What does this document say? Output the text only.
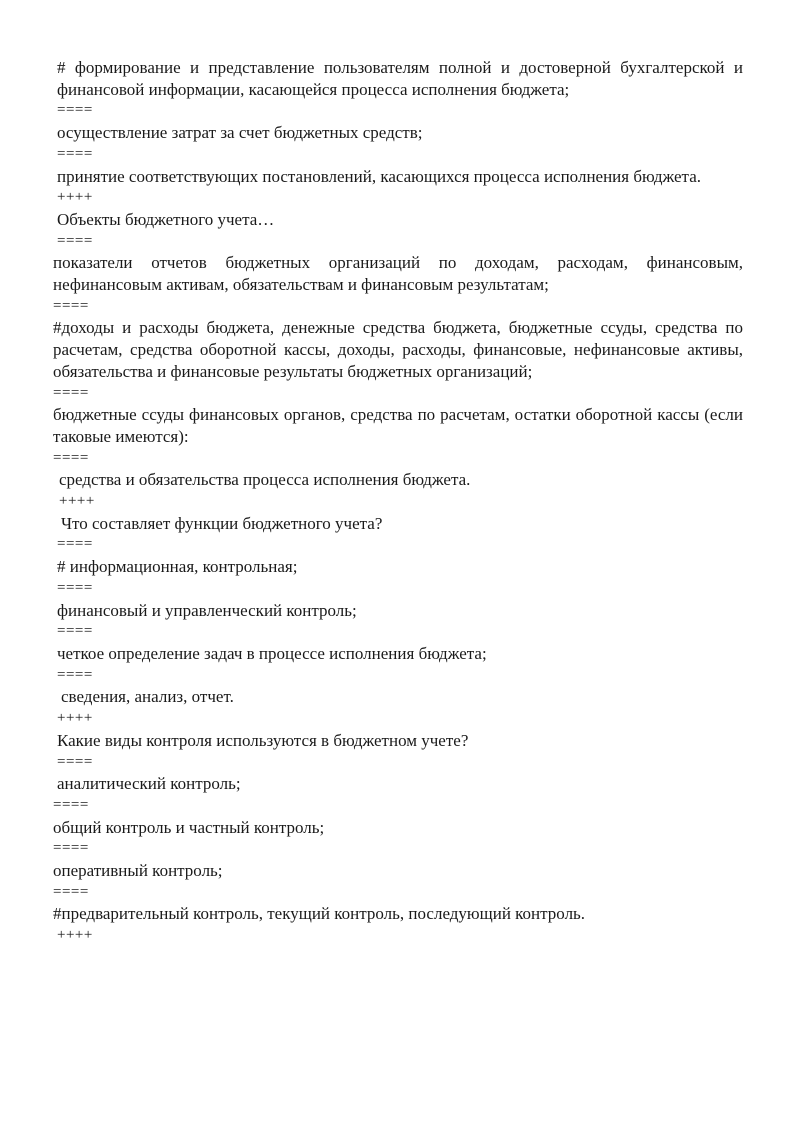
# формирование и представление пользователям полной и достоверной бухгалтерской и финансовой информации, касающейся процесса исполнения бюджета;

====

осуществление затрат за счет бюджетных средств;

====

принятие соответствующих постановлений, касающихся процесса исполнения бюджета.

++++

Объекты бюджетного учета…

====

показатели отчетов бюджетных организаций по доходам, расходам, финансовым, нефинансовым активам, обязательствам и финансовым результатам;

====

#доходы и расходы бюджета, денежные средства бюджета, бюджетные ссуды, средства по расчетам, средства оборотной кассы, доходы, расходы, финансовые, нефинансовые активы, обязательства и финансовые результаты бюджетных организаций;

====

бюджетные ссуды финансовых органов, средства по расчетам, остатки оборотной кассы (если таковые имеются):

====

средства и обязательства процесса исполнения бюджета.

++++

Что составляет функции бюджетного учета?

====

# информационная, контрольная;

====

финансовый и управленческий контроль;

====

четкое определение задач в процессе исполнения бюджета;

====

сведения, анализ, отчет.

++++

Какие виды контроля используются в бюджетном учете?

====

аналитический контроль;

====

общий контроль и частный контроль;

====

оперативный контроль;

====

#предварительный контроль, текущий контроль, последующий контроль.

++++
